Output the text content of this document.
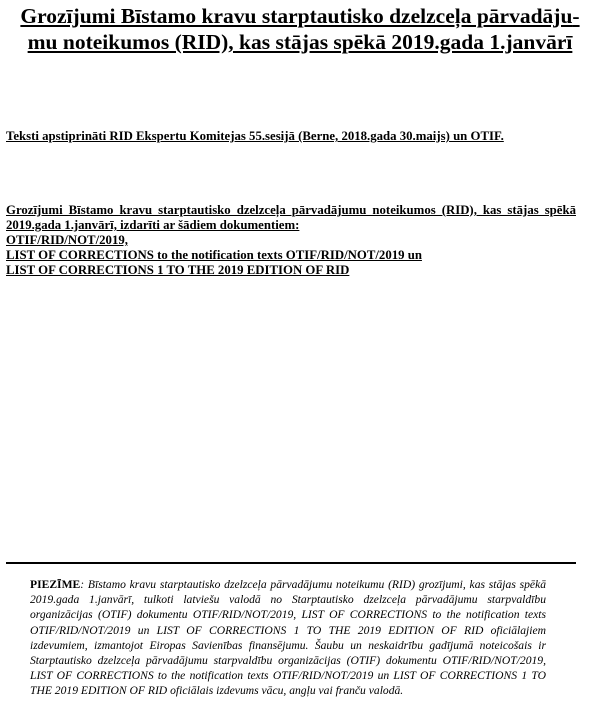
Grozījumi Bīstamo kravu starptautisko dzelzceļa pārvadājumu noteikumos (RID), kas stājas spēkā 2019.gada 1.janvārī

Teksti apstiprināti RID Ekspertu Komitejas 55.sesijā (Berne, 2018.gada 30.maijs) un OTIF.

Grozījumi Bīstamo kravu starptautisko dzelzceļa pārvadājumu noteikumos (RID), kas stājas spēkā 2019.gada 1.janvārī, izdarīti ar šādiem dokumentiem:
OTIF/RID/NOT/2019,
LIST OF CORRECTIONS to the notification texts OTIF/RID/NOT/2019 un
LIST OF CORRECTIONS 1 TO THE 2019 EDITION OF RID

PIEZĪME: Bīstamo kravu starptautisko dzelzceļa pārvadājumu noteikumu (RID) grozījumi, kas stājas spēkā 2019.gada 1.janvārī, tulkoti latviešu valodā no Starptautisko dzelzceļa pārvadājumu starpvaldību organizācijas (OTIF) dokumentu OTIF/RID/NOT/2019, LIST OF CORRECTIONS to the notification texts OTIF/RID/NOT/2019 un LIST OF CORRECTIONS 1 TO THE 2019 EDITION OF RID oficiālajiem izdevumiem, izmantojot Eiropas Savienības finansējumu. Šaubu un neskaidrību gadījumā noteicošais ir Starptautisko dzelzceļa pārvadājumu starpvaldību organizācijas (OTIF) dokumentu OTIF/RID/NOT/2019, LIST OF CORRECTIONS to the notification texts OTIF/RID/NOT/2019 un LIST OF CORRECTIONS 1 TO THE 2019 EDITION OF RID oficiālais izdevums vācu, angļu vai franču valodā.
